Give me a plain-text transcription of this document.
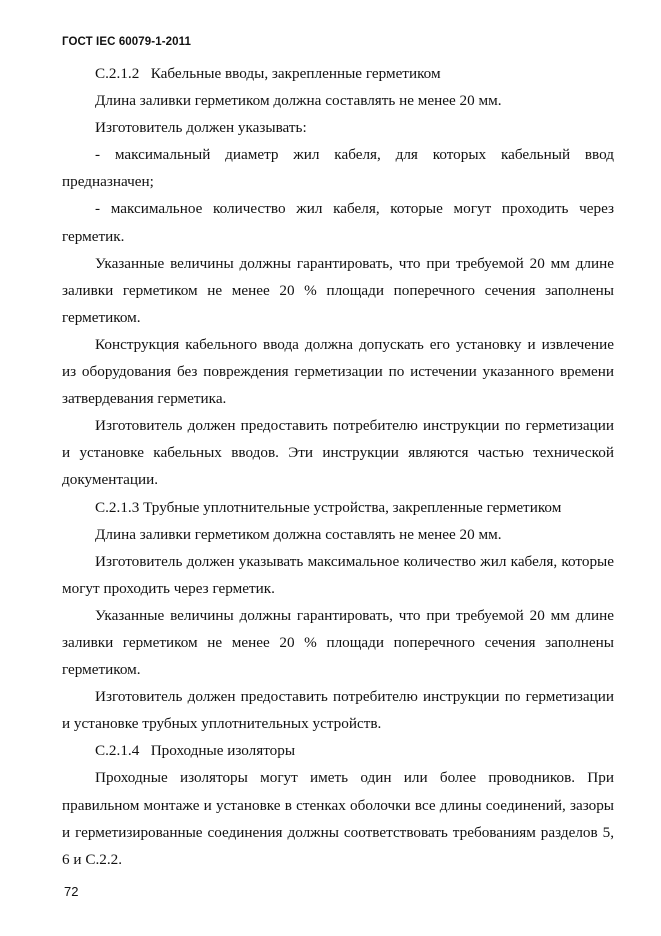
ГОСТ IEC 60079-1-2011

С.2.1.2   Кабельные вводы, закрепленные герметиком

Длина заливки герметиком должна составлять не менее 20 мм.

Изготовитель должен указывать:

- максимальный диаметр жил кабеля, для которых кабельный ввод предназначен;

- максимальное количество жил кабеля, которые могут проходить через герметик.

Указанные величины должны гарантировать, что при требуемой 20 мм длине заливки герметиком не менее 20 % площади поперечного сечения заполнены герметиком.

Конструкция кабельного ввода должна допускать его установку и извлечение из оборудования без повреждения герметизации по истечении указанного времени затвердевания герметика.

Изготовитель должен предоставить потребителю инструкции по герметизации и установке кабельных вводов. Эти инструкции являются частью технической документации.

С.2.1.3 Трубные уплотнительные устройства, закрепленные герметиком

Длина заливки герметиком должна составлять не менее 20 мм.

Изготовитель должен указывать максимальное количество жил кабеля, которые могут проходить через герметик.

Указанные величины должны гарантировать, что при требуемой 20 мм длине заливки герметиком не менее 20 % площади поперечного сечения заполнены герметиком.

Изготовитель должен предоставить потребителю инструкции по герметизации и установке трубных уплотнительных устройств.

С.2.1.4   Проходные изоляторы

Проходные изоляторы могут иметь один или более проводников. При правильном монтаже и установке в стенках оболочки все длины соединений, зазоры и герметизированные соединения должны соответствовать требованиям разделов 5, 6 и С.2.2.

72
